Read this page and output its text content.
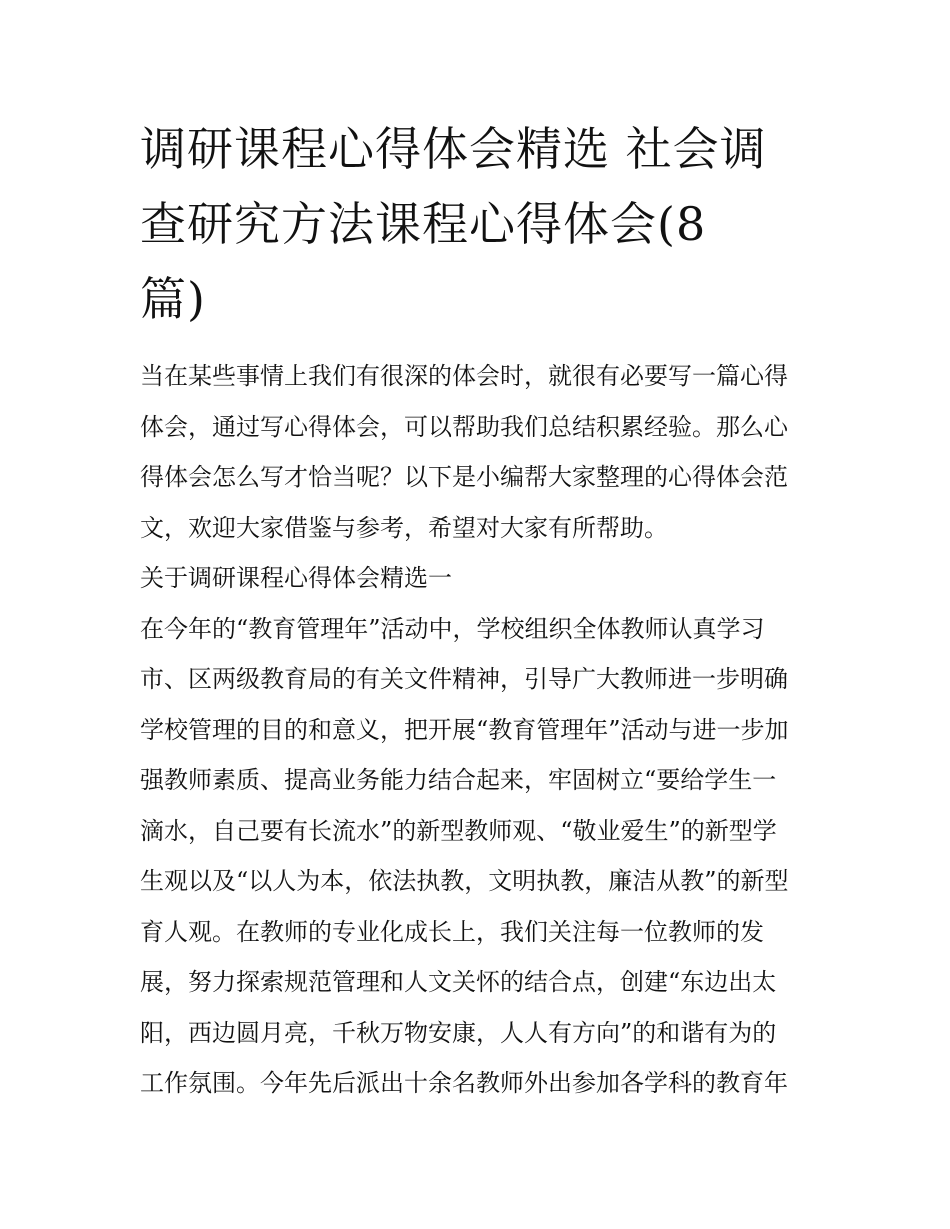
调研课程心得体会精选 社会调
查研究方法课程心得体会(8
篇)

当在某些事情上我们有很深的体会时，就很有必要写一篇心得
体会，通过写心得体会，可以帮助我们总结积累经验。那么心
得体会怎么写才恰当呢？以下是小编帮大家整理的心得体会范
文，欢迎大家借鉴与参考，希望对大家有所帮助。

关于调研课程心得体会精选一

在今年的“教育管理年”活动中，学校组织全体教师认真学习
市、区两级教育局的有关文件精神，引导广大教师进一步明确
学校管理的目的和意义，把开展“教育管理年”活动与进一步加
强教师素质、提高业务能力结合起来，牢固树立“要给学生一
滴水，自己要有长流水”的新型教师观、“敬业爱生”的新型学
生观以及“以人为本，依法执教，文明执教，廉洁从教”的新型
育人观。在教师的专业化成长上，我们关注每一位教师的发
展，努力探索规范管理和人文关怀的结合点，创建“东边出太
阳，西边圆月亮，千秋万物安康，人人有方向”的和谐有为的
工作氛围。今年先后派出十余名教师外出参加各学科的教育年
